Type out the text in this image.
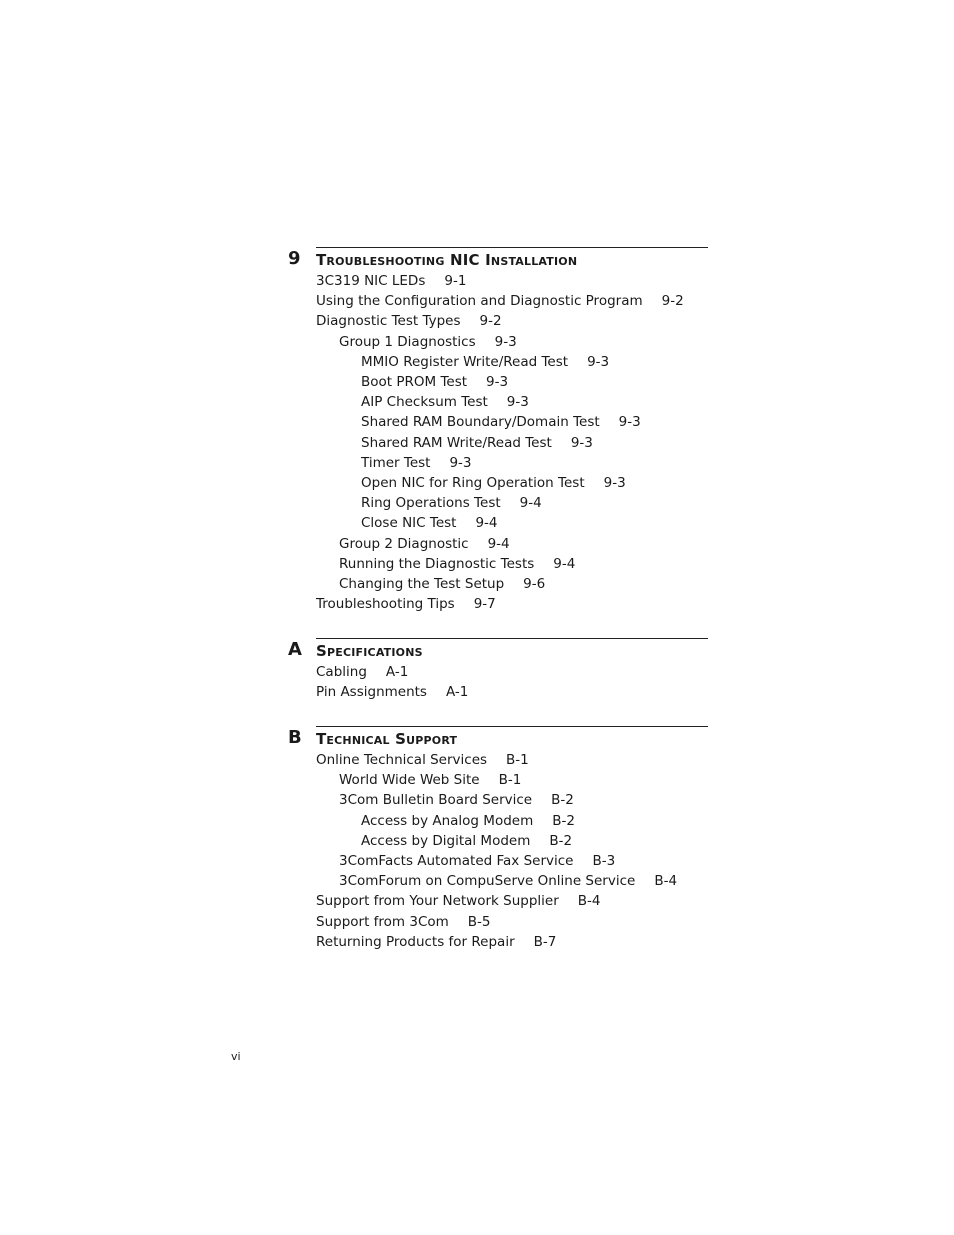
9 Troubleshooting NIC Installation
3C319 NIC LEDs 9-1
Using the Configuration and Diagnostic Program 9-2
Diagnostic Test Types 9-2
Group 1 Diagnostics 9-3
MMIO Register Write/Read Test 9-3
Boot PROM Test 9-3
AIP Checksum Test 9-3
Shared RAM Boundary/Domain Test 9-3
Shared RAM Write/Read Test 9-3
Timer Test 9-3
Open NIC for Ring Operation Test 9-3
Ring Operations Test 9-4
Close NIC Test 9-4
Group 2 Diagnostic 9-4
Running the Diagnostic Tests 9-4
Changing the Test Setup 9-6
Troubleshooting Tips 9-7
A Specifications
Cabling A-1
Pin Assignments A-1
B Technical Support
Online Technical Services B-1
World Wide Web Site B-1
3Com Bulletin Board Service B-2
Access by Analog Modem B-2
Access by Digital Modem B-2
3ComFacts Automated Fax Service B-3
3ComForum on CompuServe Online Service B-4
Support from Your Network Supplier B-4
Support from 3Com B-5
Returning Products for Repair B-7
vi
